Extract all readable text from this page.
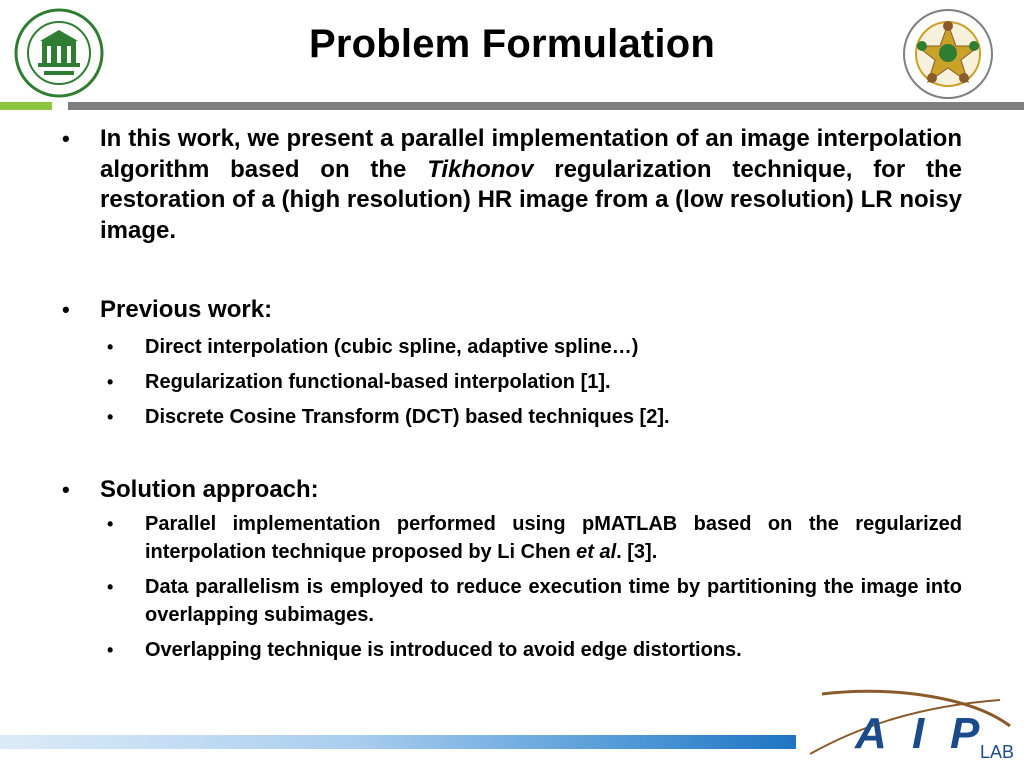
Problem Formulation
• In this work, we present a parallel implementation of an image interpolation algorithm based on the Tikhonov regularization technique, for the restoration of a (high resolution) HR image from a (low resolution) LR noisy image.
• Previous work:
• Direct interpolation (cubic spline, adaptive spline…)
• Regularization functional-based interpolation [1].
• Discrete Cosine Transform (DCT) based techniques [2].
• Solution approach:
• Parallel implementation performed using pMATLAB based on the regularized interpolation technique proposed by Li Chen et al. [3].
• Data parallelism is employed to reduce execution time by partitioning the image into overlapping subimages.
• Overlapping technique is introduced to avoid edge distortions.
A I P LAB
